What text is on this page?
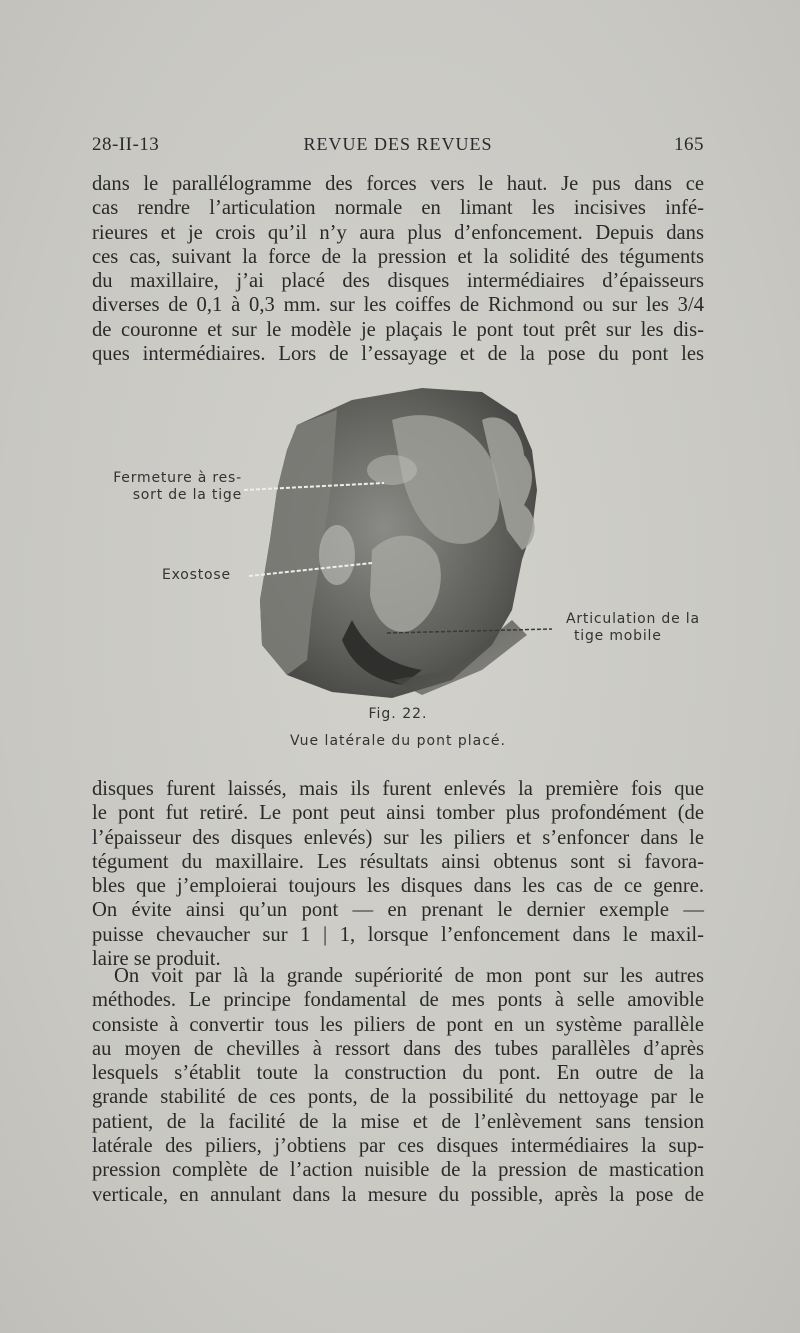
28-II-13	REVUE DES REVUES	165
dans le parallélogramme des forces vers le haut. Je pus dans ce
cas rendre l’articulation normale en limant les incisives infé-
rieures et je crois qu’il n’y aura plus d’enfoncement. Depuis dans
ces cas, suivant la force de la pression et la solidité des téguments
du maxillaire, j’ai placé des disques intermédiaires d’épaisseurs
diverses de 0,1 à 0,3 mm. sur les coiffes de Richmond ou sur les 3/4
de couronne et sur le modèle je plaçais le pont tout prêt sur les dis-
ques intermédiaires. Lors de l’essayage et de la pose du pont les
Fermeture à res-
sort de la tige
Exostose
Articulation de la
tige mobile
Fig. 22.
Vue latérale du pont placé.
disques furent laissés, mais ils furent enlevés la première fois que
le pont fut retiré. Le pont peut ainsi tomber plus profondément (de
l’épaisseur des disques enlevés) sur les piliers et s’enfoncer dans le
tégument du maxillaire. Les résultats ainsi obtenus sont si favora-
bles que j’emploierai toujours les disques dans les cas de ce genre.
On évite ainsi qu’un pont — en prenant le dernier exemple —
puisse chevaucher sur 1 | 1, lorsque l’enfoncement dans le maxil-
laire se produit.
On voit par là la grande supériorité de mon pont sur les autres
méthodes. Le principe fondamental de mes ponts à selle amovible
consiste à convertir tous les piliers de pont en un système parallèle
au moyen de chevilles à ressort dans des tubes parallèles d’après
lesquels s’établit toute la construction du pont. En outre de la
grande stabilité de ces ponts, de la possibilité du nettoyage par le
patient, de la facilité de la mise et de l’enlèvement sans tension
latérale des piliers, j’obtiens par ces disques intermédiaires la sup-
pression complète de l’action nuisible de la pression de mastication
verticale, en annulant dans la mesure du possible, après la pose de
